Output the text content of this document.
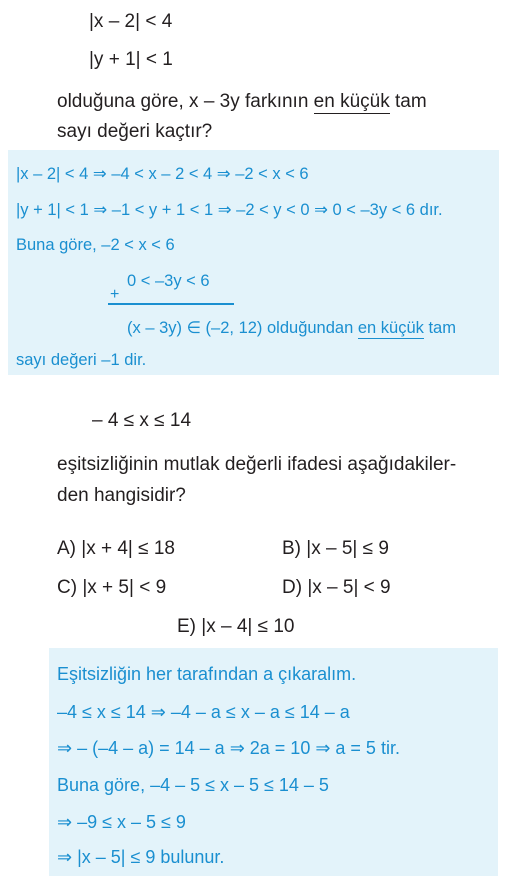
|x – 2| < 4
|y + 1| < 1
olduğuna göre, x – 3y farkının en küçük tam
sayı değeri kaçtır?
|x – 2| < 4 ⇒ –4 < x – 2 < 4 ⇒ –2 < x < 6
|y + 1| < 1 ⇒ –1 < y + 1 < 1 ⇒ –2 < y < 0 ⇒ 0 < –3y < 6 dır.
Buna göre, –2 < x < 6
0 < –3y < 6
+
(x – 3y) ∈ (–2, 12) olduğundan en küçük tam
sayı değeri –1 dir.
– 4 ≤ x ≤ 14
eşitsizliğinin mutlak değerli ifadesi aşağıdakiler-
den hangisidir?
A) |x + 4| ≤ 18	B) |x – 5| ≤ 9
C) |x + 5| < 9	D) |x – 5| < 9
E) |x – 4| ≤ 10
Eşitsizliğin her tarafından a çıkaralım.
–4 ≤ x ≤ 14 ⇒ –4 – a ≤ x – a ≤ 14 – a
⇒ – (–4 – a) = 14 – a ⇒ 2a = 10 ⇒ a = 5 tir.
Buna göre, –4 – 5 ≤ x – 5 ≤ 14 – 5
⇒ –9 ≤ x – 5 ≤ 9
⇒ |x – 5| ≤ 9 bulunur.
